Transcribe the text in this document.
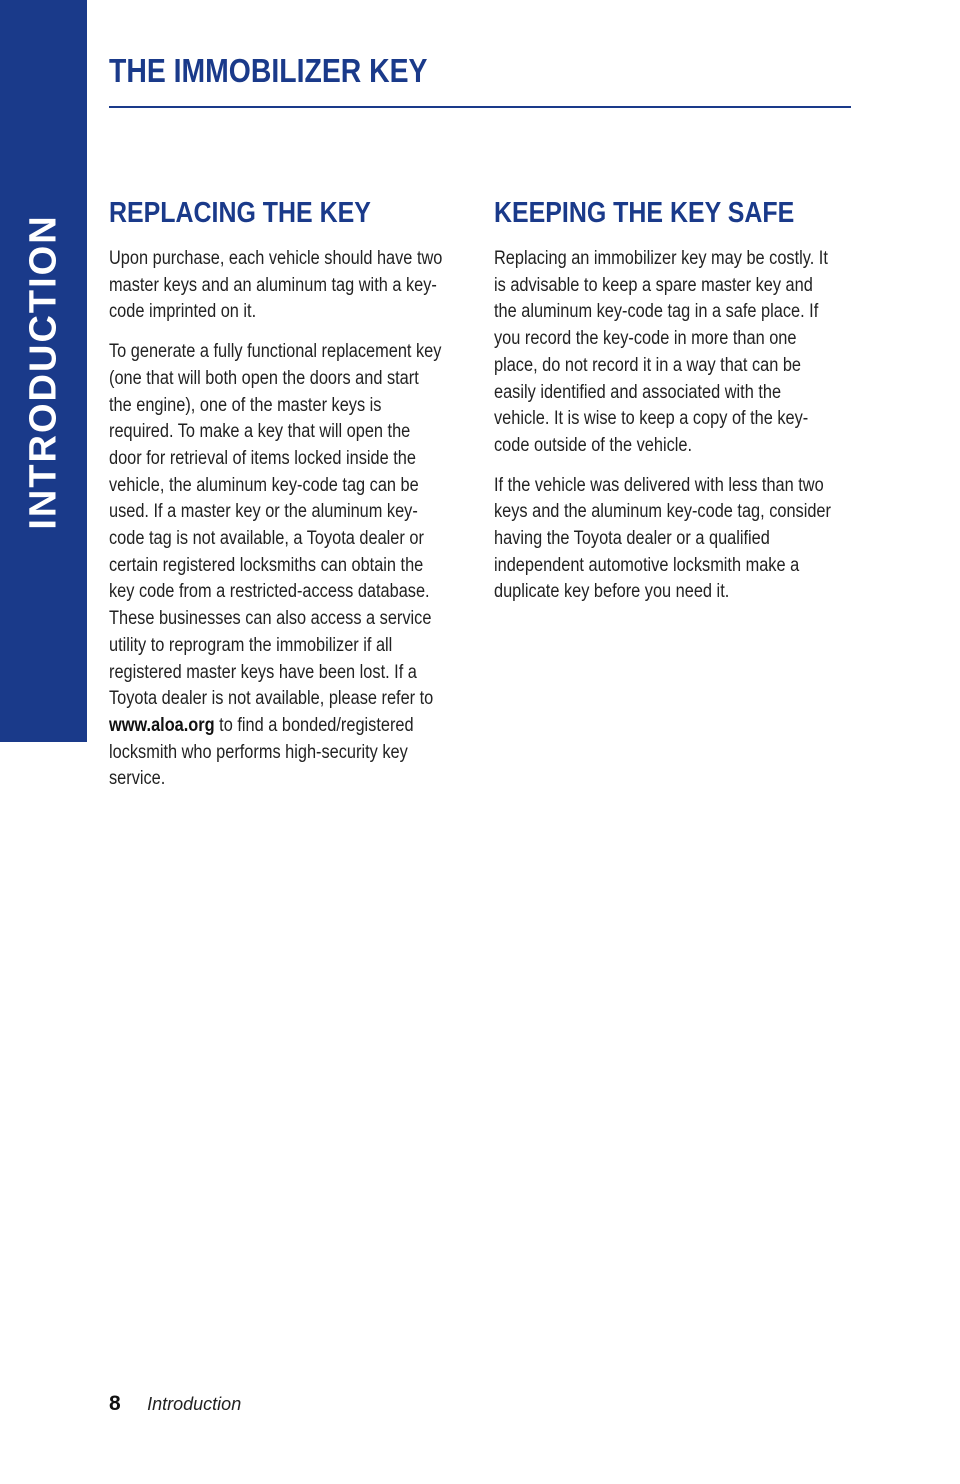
INTRODUCTION
THE IMMOBILIZER KEY
REPLACING THE KEY

Upon purchase, each vehicle should have two master keys and an aluminum tag with a key-code imprinted on it.

To generate a fully functional replacement key (one that will both open the doors and start the engine), one of the master keys is required. To make a key that will open the door for retrieval of items locked inside the vehicle, the aluminum key-code tag can be used. If a master key or the aluminum key-code tag is not available, a Toyota dealer or certain registered locksmiths can obtain the key code from a restricted-access database. These businesses can also access a service utility to reprogram the immobilizer if all registered master keys have been lost. If a Toyota dealer is not available, please refer to www.aloa.org to find a bonded/registered locksmith who performs high-security key service.

KEEPING THE KEY SAFE

Replacing an immobilizer key may be costly. It is advisable to keep a spare master key and the aluminum key-code tag in a safe place. If you record the key-code in more than one place, do not record it in a way that can be easily identified and associated with the vehicle. It is wise to keep a copy of the key-code outside of the vehicle.

If the vehicle was delivered with less than two keys and the aluminum key-code tag, consider having the Toyota dealer or a qualified independent automotive locksmith make a duplicate key before you need it.

8 Introduction
